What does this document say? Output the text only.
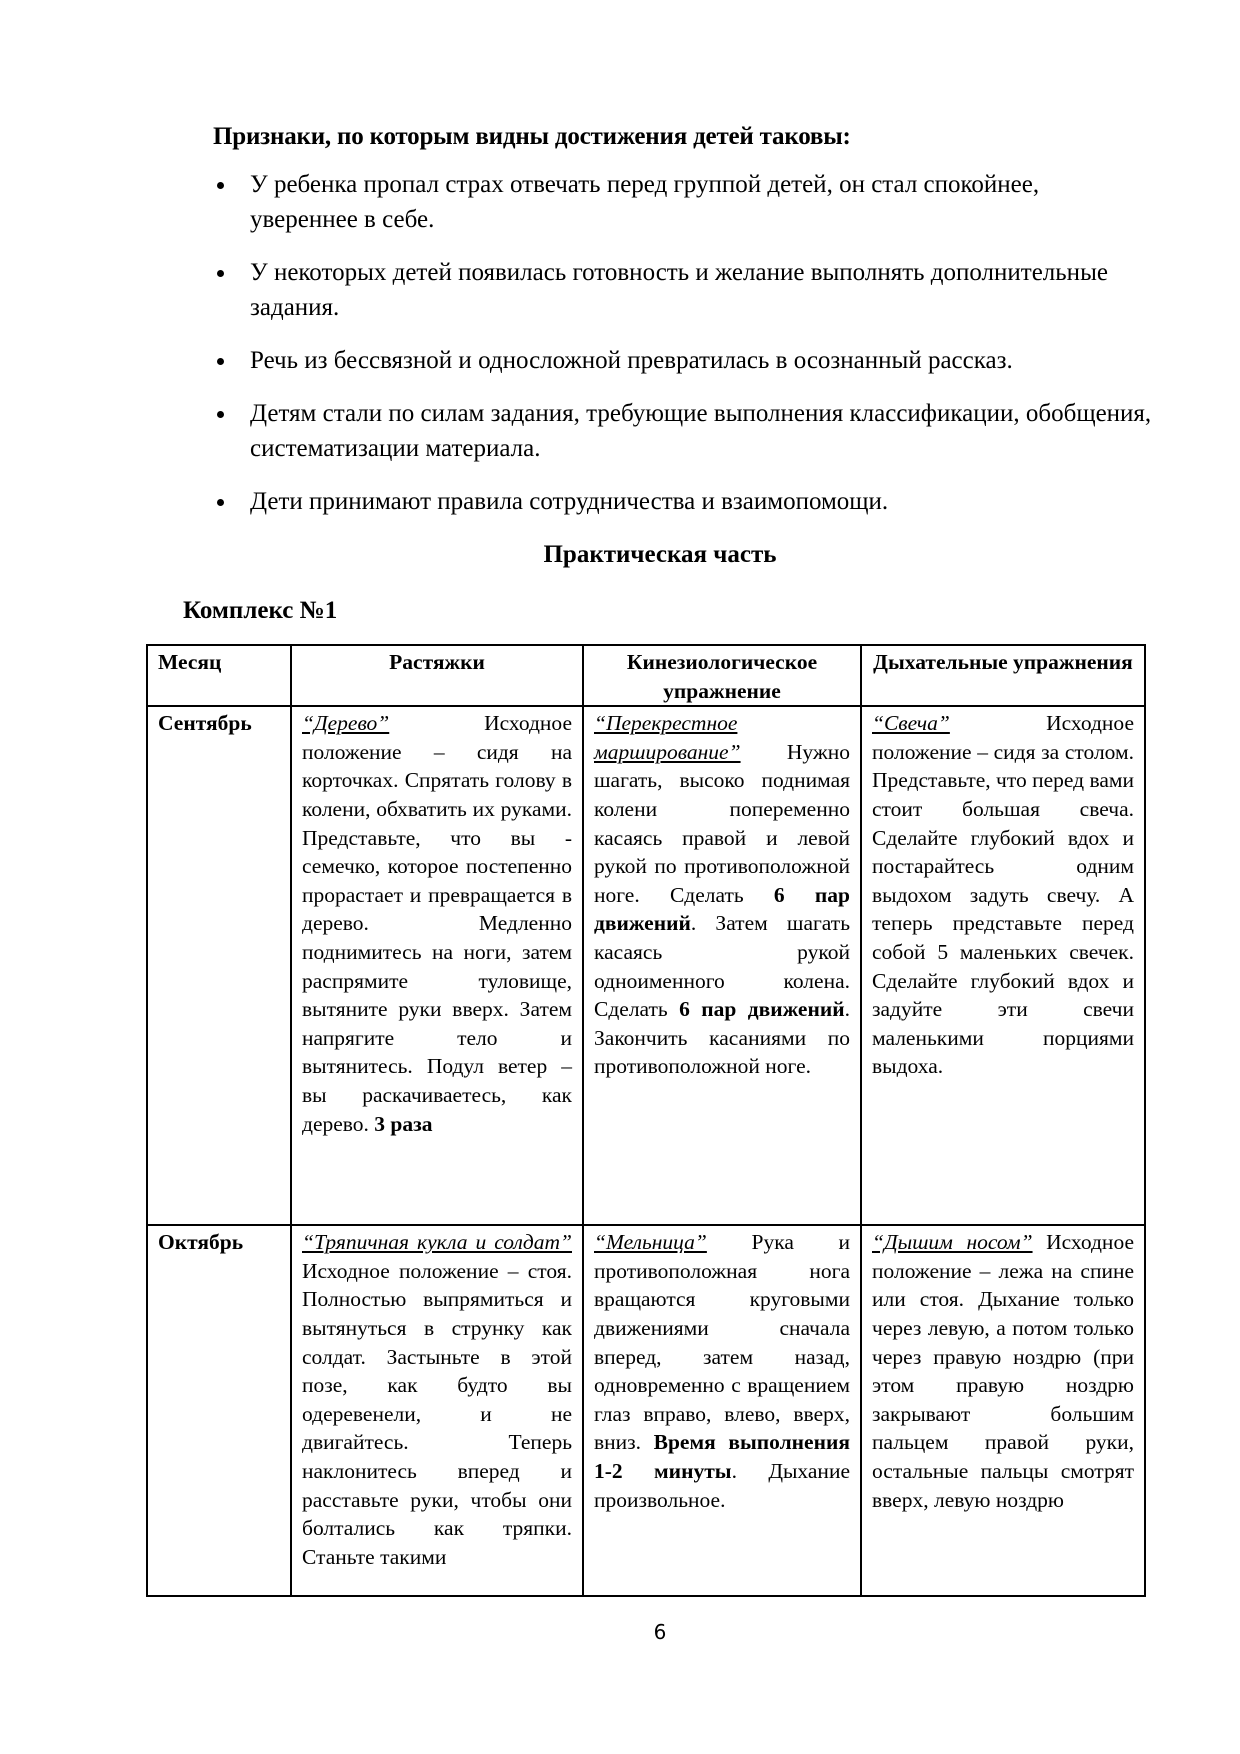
Признаки, по которым видны достижения детей таковы:
У ребенка пропал страх отвечать перед группой детей, он стал спокойнее, увереннее в себе.
У некоторых детей появилась готовность и желание выполнять дополнительные задания.
Речь из бессвязной и односложной превратилась в осознанный рассказ.
Детям стали по силам задания, требующие выполнения классификации, обобщения, систематизации материала.
Дети принимают правила сотрудничества и взаимопомощи.
Практическая часть
Комплекс №1
Месяц	Растяжки	Кинезиологическое упражнение	Дыхательные упражнения
Сентябрь	“Дерево” Исходное положение – сидя на корточках. Спрятать голову в колени, обхватить их руками. Представьте, что вы - семечко, которое постепенно прорастает и превращается в дерево. Медленно поднимитесь на ноги, затем распрямите туловище, вытяните руки вверх. Затем напрягите тело и вытянитесь. Подул ветер – вы раскачиваетесь, как дерево. 3 раза	“Перекрестное марширование” Нужно шагать, высоко поднимая колени попеременно касаясь правой и левой рукой по противоположной ноге. Сделать 6 пар движений. Затем шагать касаясь рукой одноименного колена. Сделать 6 пар движений. Закончить касаниями по противоположной ноге.	“Свеча” Исходное положение – сидя за столом. Представьте, что перед вами стоит большая свеча. Сделайте глубокий вдох и постарайтесь одним выдохом задуть свечу. А теперь представьте перед собой 5 маленьких свечек. Сделайте глубокий вдох и задуйте эти свечи маленькими порциями выдоха.
Октябрь	“Тряпичная кукла и солдат” Исходное положение – стоя. Полностью выпрямиться и вытянуться в струнку как солдат. Застыньте в этой позе, как будто вы одеревенели, и не двигайтесь. Теперь наклонитесь вперед и расставьте руки, чтобы они болтались как тряпки. Станьте такими	“Мельница” Рука и противоположная нога вращаются круговыми движениями сначала вперед, затем назад, одновременно с вращением глаз вправо, влево, вверх, вниз. Время выполнения 1-2 минуты. Дыхание произвольное.	“Дышим носом” Исходное положение – лежа на спине или стоя. Дыхание только через левую, а потом только через правую ноздрю (при этом правую ноздрю закрывают большим пальцем правой руки, остальные пальцы смотрят вверх, левую ноздрю
6
